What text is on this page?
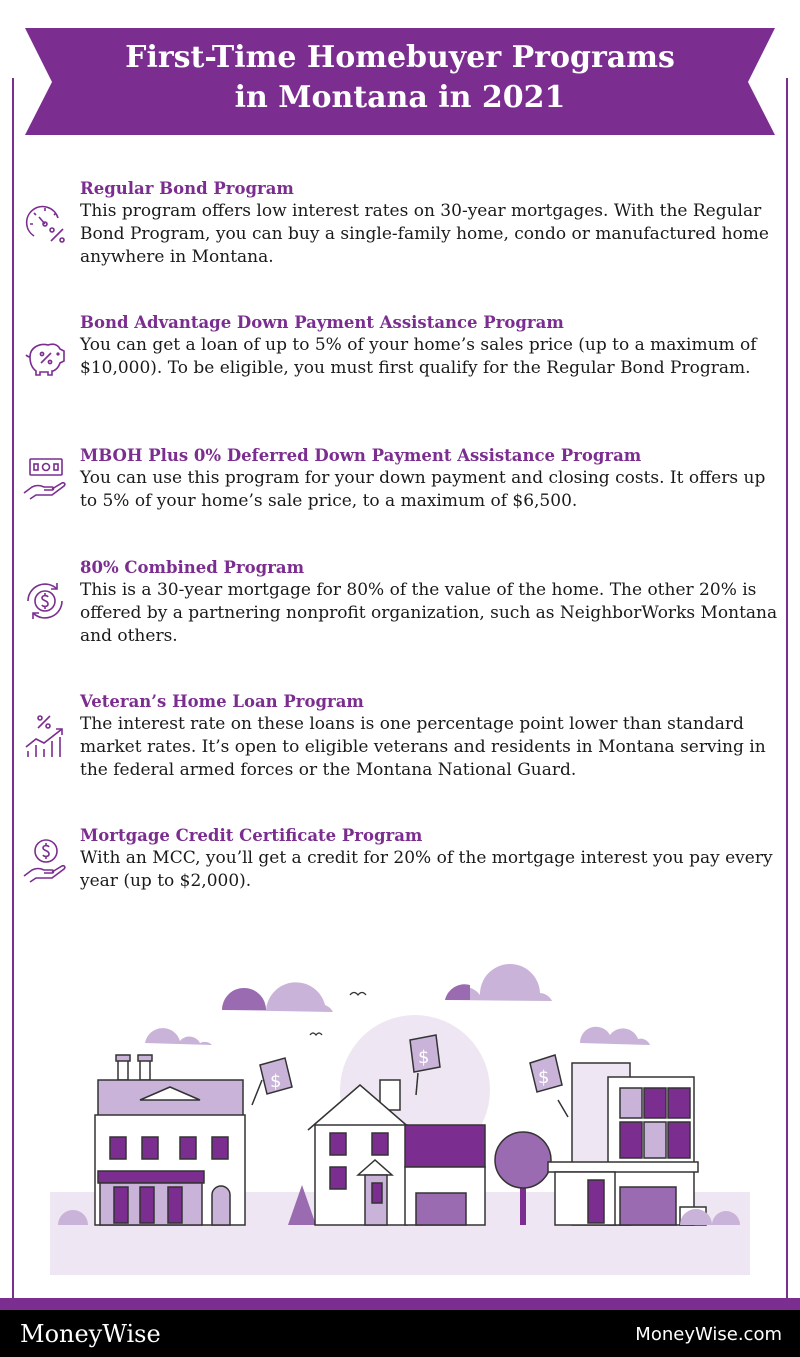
First-Time Homebuyer Programs
in Montana in 2021
Regular Bond Program
This program offers low interest rates on 30-year mortgages. With the Regular Bond Program, you can buy a single-family home, condo or manufactured home anywhere in Montana.
Bond Advantage Down Payment Assistance Program
You can get a loan of up to 5% of your home’s sales price (up to a maximum of $10,000). To be eligible, you must first qualify for the Regular Bond Program.
MBOH Plus 0% Deferred Down Payment Assistance Program
You can use this program for your down payment and closing costs. It offers up to 5% of your home’s sale price, to a maximum of $6,500.
80% Combined Program
This is a 30-year mortgage for 80% of the value of the home. The other 20% is offered by a partnering nonprofit organization, such as NeighborWorks Montana and others.
Veteran’s Home Loan Program
The interest rate on these loans is one percentage point lower than standard market rates. It’s open to eligible veterans and residents in Montana serving in the federal armed forces or the Montana National Guard.
Mortgage Credit Certificate Program
With an MCC, you’ll get a credit for 20% of the mortgage interest you pay every year (up to $2,000).
$
$
$
MoneyWise	MoneyWise.com
